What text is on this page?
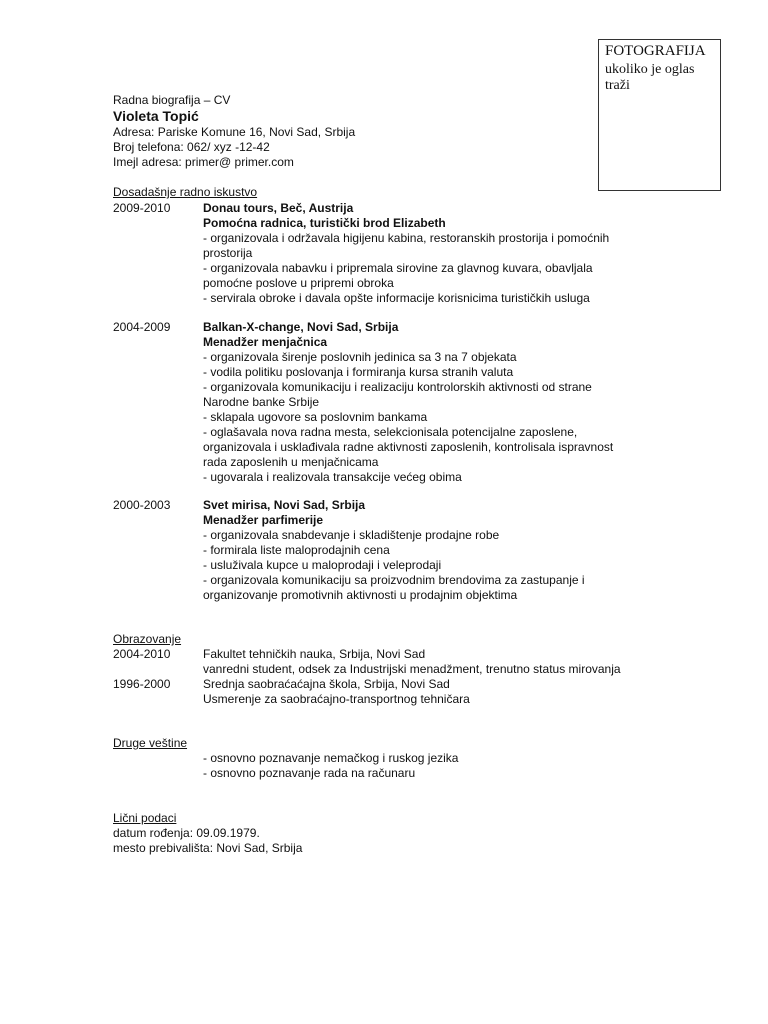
FOTOGRAFIJA
ukoliko je oglas traži
Radna biografija – CV
Violeta Topić
Adresa: Pariske Komune 16, Novi Sad, Srbija
Broj telefona: 062/ xyz -12-42
Imejl adresa: primer@ primer.com
Dosadašnje radno iskustvo
2009-2010	Donau tours, Beč, Austrija
Pomoćna radnica, turistički brod Elizabeth
- organizovala i održavala higijenu kabina, restoranskih prostorija i pomoćnih
prostorija
- organizovala nabavku i pripremala sirovine za glavnog kuvara, obavljala
pomoćne poslove u pripremi obroka
- servirala obroke i davala opšte informacije korisnicima turističkih usluga
2004-2009	Balkan-X-change, Novi Sad, Srbija
Menadžer menjačnica
- organizovala širenje poslovnih jedinica sa 3 na 7 objekata
- vodila politiku poslovanja i formiranja kursa stranih valuta
- organizovala komunikaciju i realizaciju kontrolorskih aktivnosti od strane
Narodne banke Srbije
- sklapala ugovore sa poslovnim bankama
- oglašavala nova radna mesta, selekcionisala potencijalne zaposlene,
organizovala i usklađivala radne aktivnosti zaposlenih, kontrolisala ispravnost
rada zaposlenih u menjačnicama
- ugovarala i realizovala transakcije većeg obima
2000-2003	Svet mirisa, Novi Sad, Srbija
Menadžer parfimerije
- organizovala snabdevanje i skladištenje prodajne robe
- formirala liste maloprodajnih cena
- usluživala kupce u maloprodaji i veleprodaji
- organizovala komunikaciju sa proizvodnim brendovima za zastupanje i
organizovanje promotivnih aktivnosti u prodajnim objektima
Obrazovanje
2004-2010	Fakultet tehničkih nauka, Srbija, Novi Sad
vanredni student, odsek za Industrijski menadžment, trenutno status mirovanja
1996-2000	Srednja saobraćaćajna škola, Srbija, Novi Sad
Usmerenje za saobraćajno-transportnog tehničara
Druge veštine
- osnovno poznavanje nemačkog i ruskog jezika
- osnovno poznavanje rada na računaru
Lični podaci
datum rođenja: 09.09.1979.
mesto prebivališta: Novi Sad, Srbija
